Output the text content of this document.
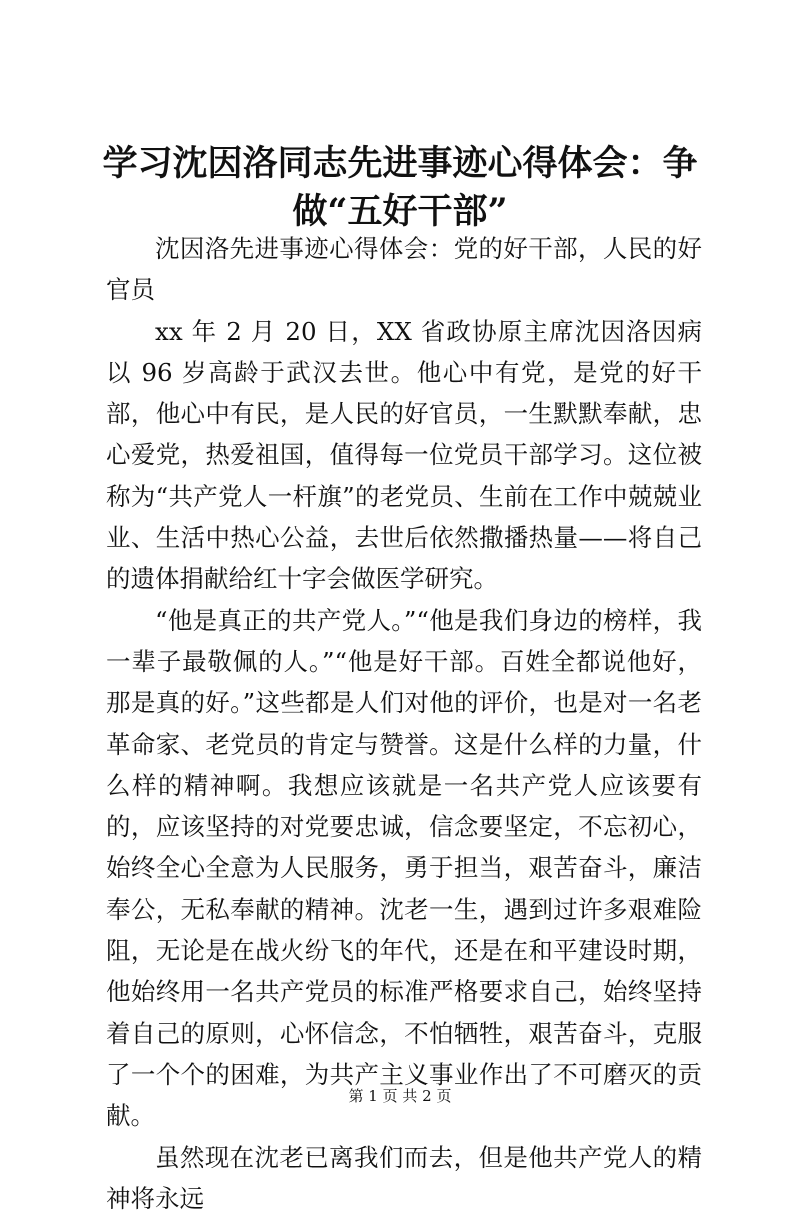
学习沈因洛同志先进事迹心得体会：争做“五好干部”

沈因洛先进事迹心得体会：党的好干部，人民的好官员

xx 年 2 月 20 日，XX 省政协原主席沈因洛因病以 96 岁高龄于武汉去世。他心中有党，是党的好干部，他心中有民，是人民的好官员，一生默默奉献，忠心爱党，热爱祖国，值得每一位党员干部学习。这位被称为“共产党人一杆旗”的老党员、生前在工作中兢兢业业、生活中热心公益，去世后依然撒播热量——将自己的遗体捐献给红十字会做医学研究。

“他是真正的共产党人。”“他是我们身边的榜样，我一辈子最敬佩的人。”“他是好干部。百姓全都说他好，那是真的好。”这些都是人们对他的评价，也是对一名老革命家、老党员的肯定与赞誉。这是什么样的力量，什么样的精神啊。我想应该就是一名共产党人应该要有的，应该坚持的对党要忠诚，信念要坚定，不忘初心，始终全心全意为人民服务，勇于担当，艰苦奋斗，廉洁奉公，无私奉献的精神。沈老一生，遇到过许多艰难险阻，无论是在战火纷飞的年代，还是在和平建设时期，他始终用一名共产党员的标准严格要求自己，始终坚持着自己的原则，心怀信念，不怕牺牲，艰苦奋斗，克服了一个个的困难，为共产主义事业作出了不可磨灭的贡献。

虽然现在沈老已离我们而去，但是他共产党人的精神将永远

第 1 页 共 2 页
